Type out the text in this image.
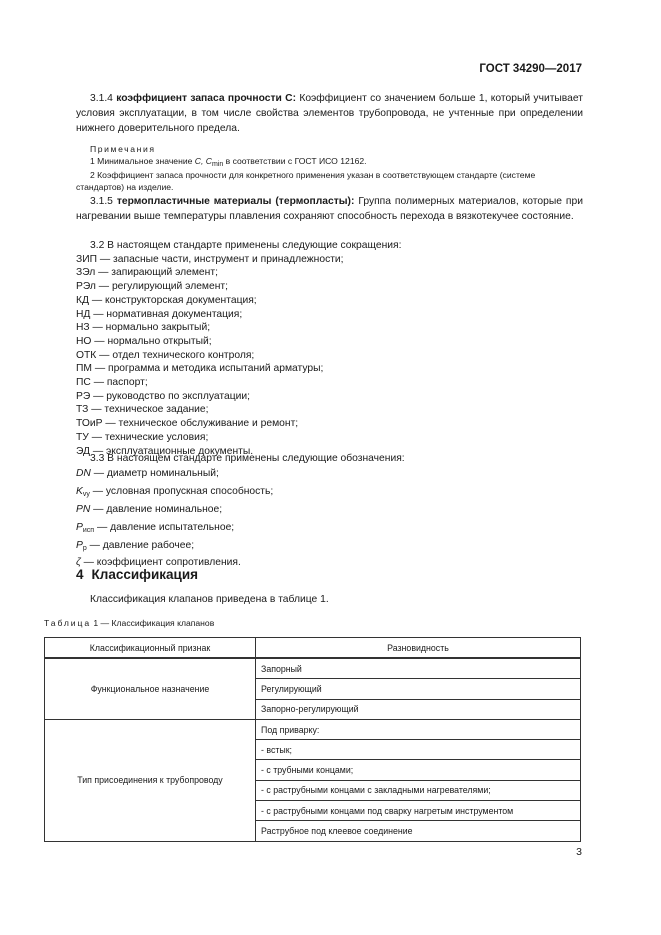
ГОСТ 34290—2017
3.1.4 коэффициент запаса прочности C: Коэффициент со значением больше 1, который учитывает условия эксплуатации, в том числе свойства элементов трубопровода, не учтенные при определении нижнего доверительного предела.
Примечания
1 Минимальное значение C, $C_{min}$ в соответствии с ГОСТ ИСО 12162.
2 Коэффициент запаса прочности для конкретного применения указан в соответствующем стандарте (системе стандартов) на изделие.
3.1.5 термопластичные материалы (термопласты): Группа полимерных материалов, которые при нагревании выше температуры плавления сохраняют способность перехода в вязкотекучее состояние.
3.2 В настоящем стандарте применены следующие сокращения:
ЗИП — запасные части, инструмент и принадлежности;
ЗЭл — запирающий элемент;
РЭл — регулирующий элемент;
КД — конструкторская документация;
НД — нормативная документация;
НЗ — нормально закрытый;
НО — нормально открытый;
ОТК — отдел технического контроля;
ПМ — программа и методика испытаний арматуры;
ПС — паспорт;
РЭ — руководство по эксплуатации;
ТЗ — техническое задание;
ТОиР — техническое обслуживание и ремонт;
ТУ — технические условия;
ЭД — эксплуатационные документы.
3.3 В настоящем стандарте применены следующие обозначения:
DN — диаметр номинальный;
$K_{vy}$ — условная пропускная способность;
PN — давление номинальное;
$P_{исп}$ — давление испытательное;
$P_р$ — давление рабочее;
ζ — коэффициент сопротивления.
4 Классификация
Классификация клапанов приведена в таблице 1.
Таблица 1 — Классификация клапанов
Классификационный признак	Разновидность
Функциональное назначение	Запорный
	Регулирующий
	Запорно-регулирующий
Тип присоединения к трубопроводу	Под приварку:
	- встык;
	- с трубными концами;
	- с раструбными концами с закладными нагревателями;
	- с раструбными концами под сварку нагретым инструментом
	Раструбное под клеевое соединение
3
